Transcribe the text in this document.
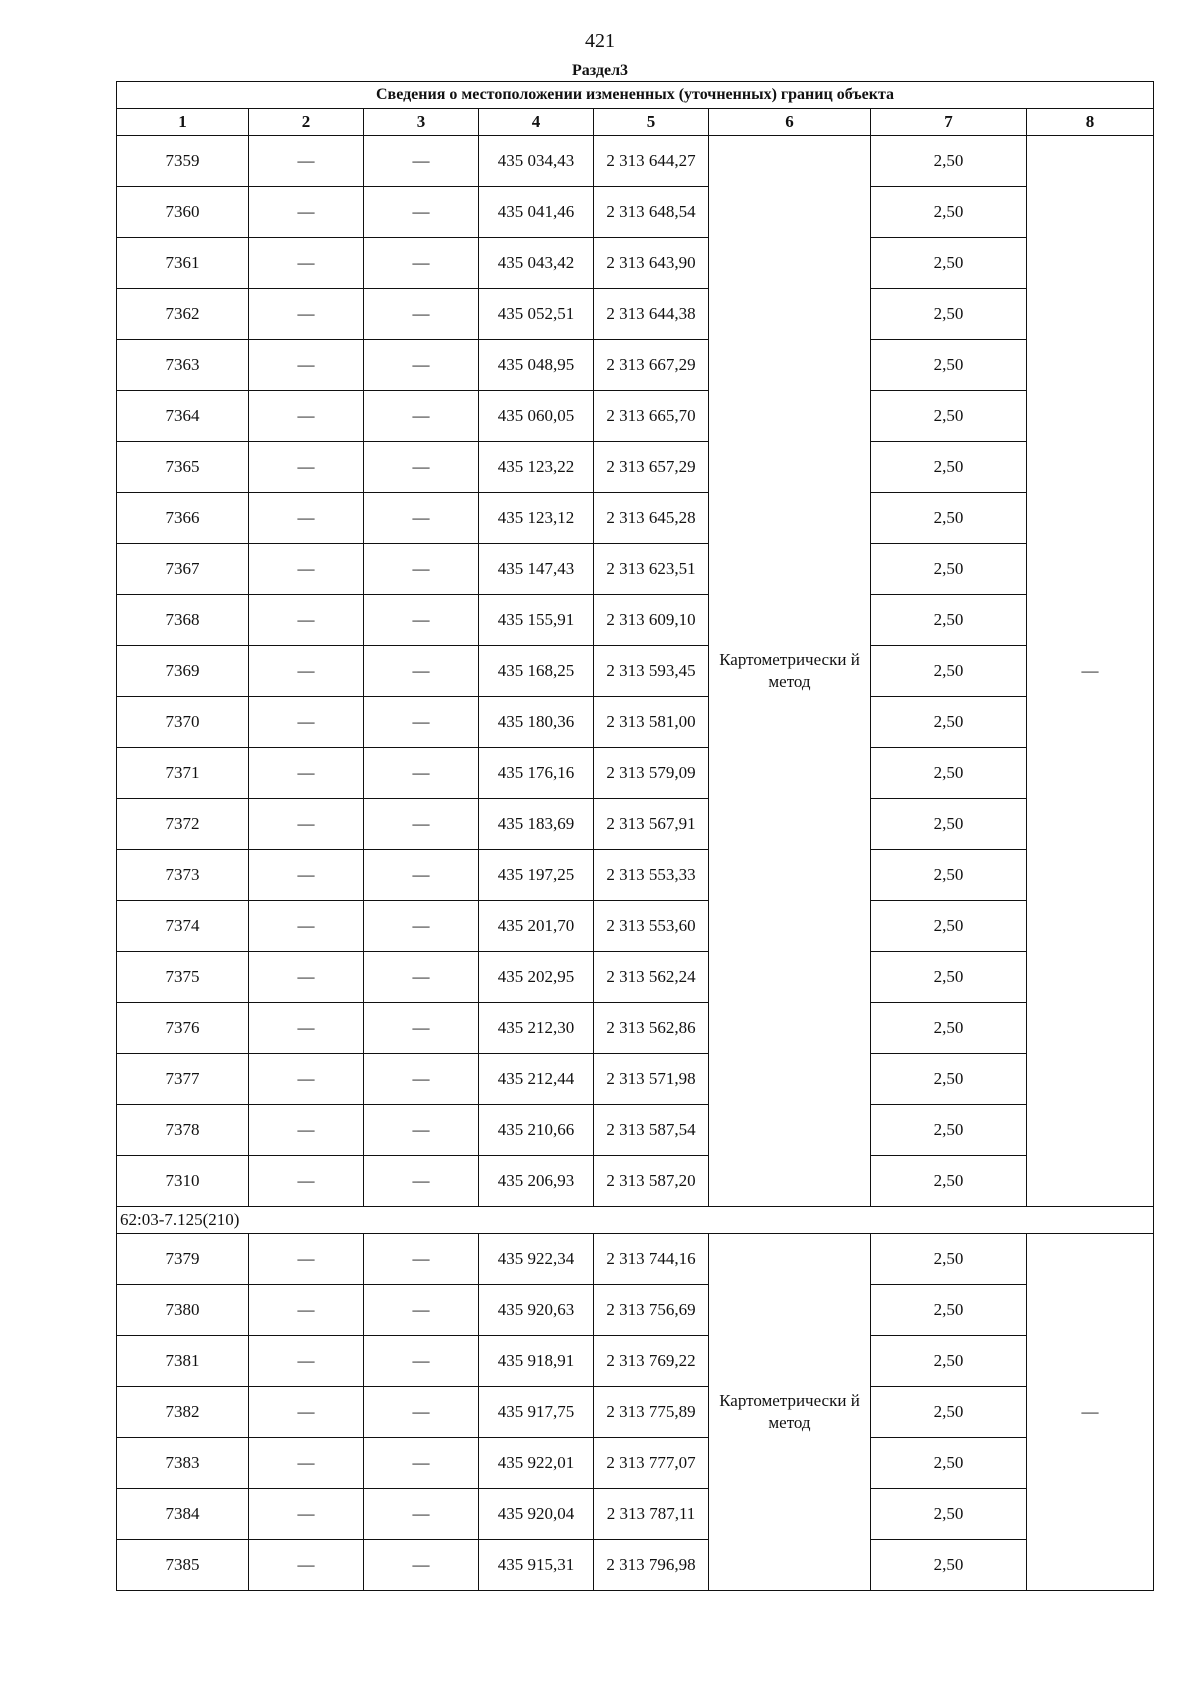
421
Раздел3
Сведения о местоположении измененных (уточненных) границ объекта							
1	2	3	4	5	6	7	8
7359	—	—	435 034,43	2 313 644,27	Картометрически й метод	2,50	—
7360	—	—	435 041,46	2 313 648,54		2,50	
7361	—	—	435 043,42	2 313 643,90		2,50	
7362	—	—	435 052,51	2 313 644,38		2,50	
7363	—	—	435 048,95	2 313 667,29		2,50	
7364	—	—	435 060,05	2 313 665,70		2,50	
7365	—	—	435 123,22	2 313 657,29		2,50	
7366	—	—	435 123,12	2 313 645,28		2,50	
7367	—	—	435 147,43	2 313 623,51		2,50	
7368	—	—	435 155,91	2 313 609,10		2,50	
7369	—	—	435 168,25	2 313 593,45		2,50	
7370	—	—	435 180,36	2 313 581,00		2,50	
7371	—	—	435 176,16	2 313 579,09		2,50	
7372	—	—	435 183,69	2 313 567,91		2,50	
7373	—	—	435 197,25	2 313 553,33		2,50	
7374	—	—	435 201,70	2 313 553,60		2,50	
7375	—	—	435 202,95	2 313 562,24		2,50	
7376	—	—	435 212,30	2 313 562,86		2,50	
7377	—	—	435 212,44	2 313 571,98		2,50	
7378	—	—	435 210,66	2 313 587,54		2,50	
7310	—	—	435 206,93	2 313 587,20		2,50	
62:03-7.125(210)							
7379	—	—	435 922,34	2 313 744,16	Картометрически й метод	2,50	—
7380	—	—	435 920,63	2 313 756,69		2,50	
7381	—	—	435 918,91	2 313 769,22		2,50	
7382	—	—	435 917,75	2 313 775,89		2,50	
7383	—	—	435 922,01	2 313 777,07		2,50	
7384	—	—	435 920,04	2 313 787,11		2,50	
7385	—	—	435 915,31	2 313 796,98		2,50	
